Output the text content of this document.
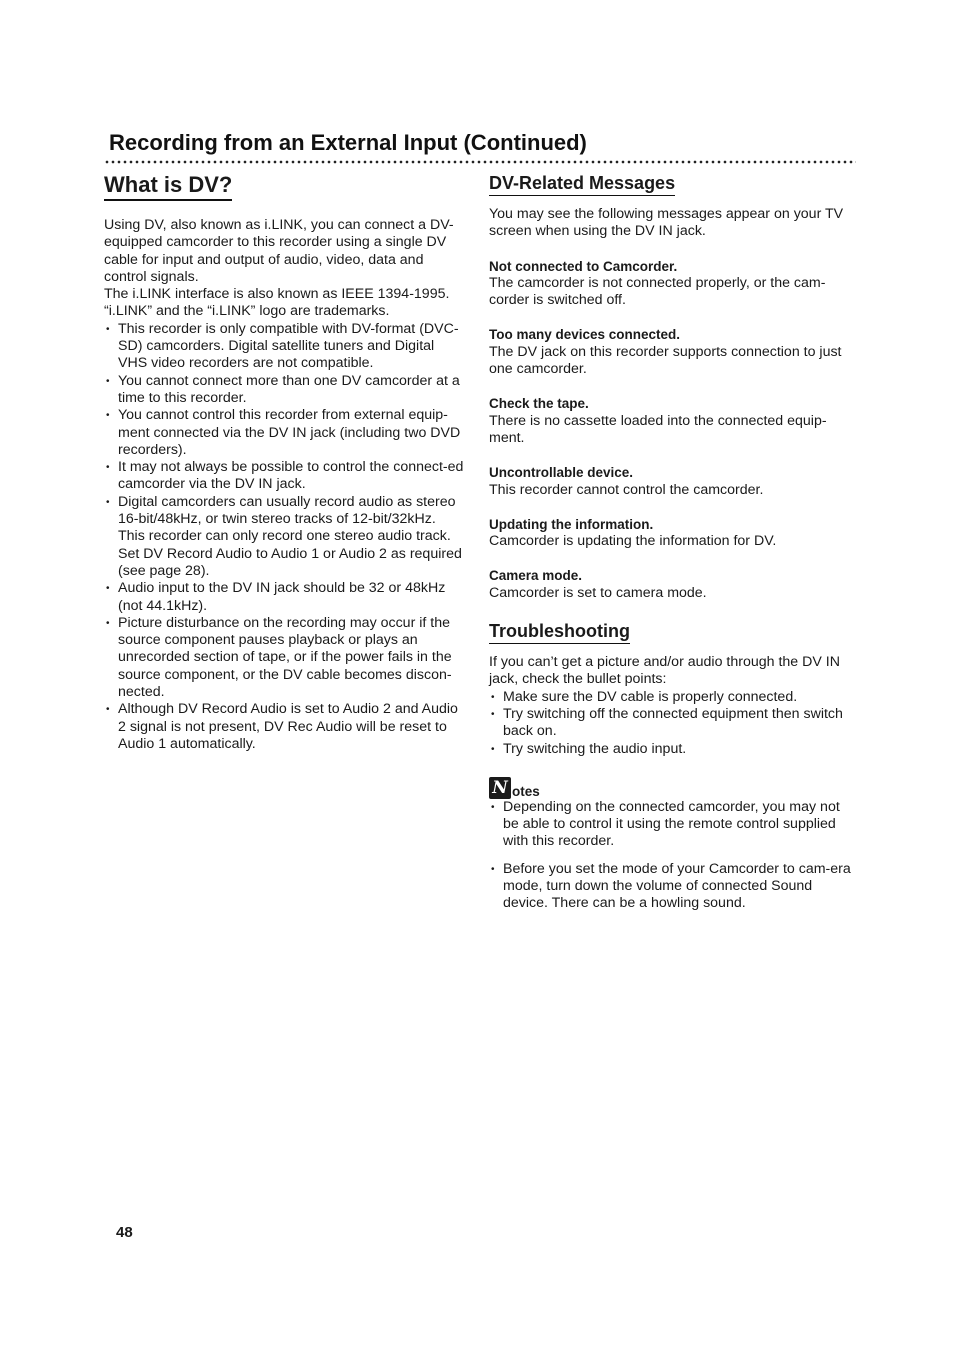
Recording from an External Input (Continued)
What is DV?

Using DV, also known as i.LINK, you can connect a DV-equipped camcorder to this recorder using a single DV cable for input and output of audio, video, data and control signals.

The i.LINK interface is also known as IEEE 1394-1995. “i.LINK” and the “i.LINK” logo are trademarks.

• This recorder is only compatible with DV-format (DVC-SD) camcorders. Digital satellite tuners and Digital VHS video recorders are not compatible.
• You cannot connect more than one DV camcorder at a time to this recorder.
• You cannot control this recorder from external equip-ment connected via the DV IN jack (including two DVD recorders).
• It may not always be possible to control the connect-ed camcorder via the DV IN jack.
• Digital camcorders can usually record audio as stereo 16-bit/48kHz, or twin stereo tracks of 12-bit/32kHz. This recorder can only record one stereo audio track. Set DV Record Audio to Audio 1 or Audio 2 as required (see page 28).
• Audio input to the DV IN jack should be 32 or 48kHz (not 44.1kHz).
• Picture disturbance on the recording may occur if the source component pauses playback or plays an unrecorded section of tape, or if the power fails in the source component, or the DV cable becomes discon-nected.
• Although DV Record Audio is set to Audio 2 and Audio 2 signal is not present, DV Rec Audio will be reset to Audio 1 automatically.
DV-Related Messages

You may see the following messages appear on your TV screen when using the DV IN jack.

Not connected to Camcorder.
The camcorder is not connected properly, or the cam-corder is switched off.
Too many devices connected.
The DV jack on this recorder supports connection to just one camcorder.
Check the tape.
There is no cassette loaded into the connected equip-ment.
Uncontrollable device.
This recorder cannot control the camcorder.
Updating the information.
Camcorder is updating the information for DV.
Camera mode.
Camcorder is set to camera mode.
Troubleshooting

If you can’t get a picture and/or audio through the DV IN jack, check the bullet points:

• Make sure the DV cable is properly connected.
• Try switching off the connected equipment then switch back on.
• Try switching the audio input.
N otes
• Depending on the connected camcorder, you may not be able to control it using the remote control supplied with this recorder.
• Before you set the mode of your Camcorder to cam-era mode, turn down the volume of connected Sound device. There can be a howling sound.
48
